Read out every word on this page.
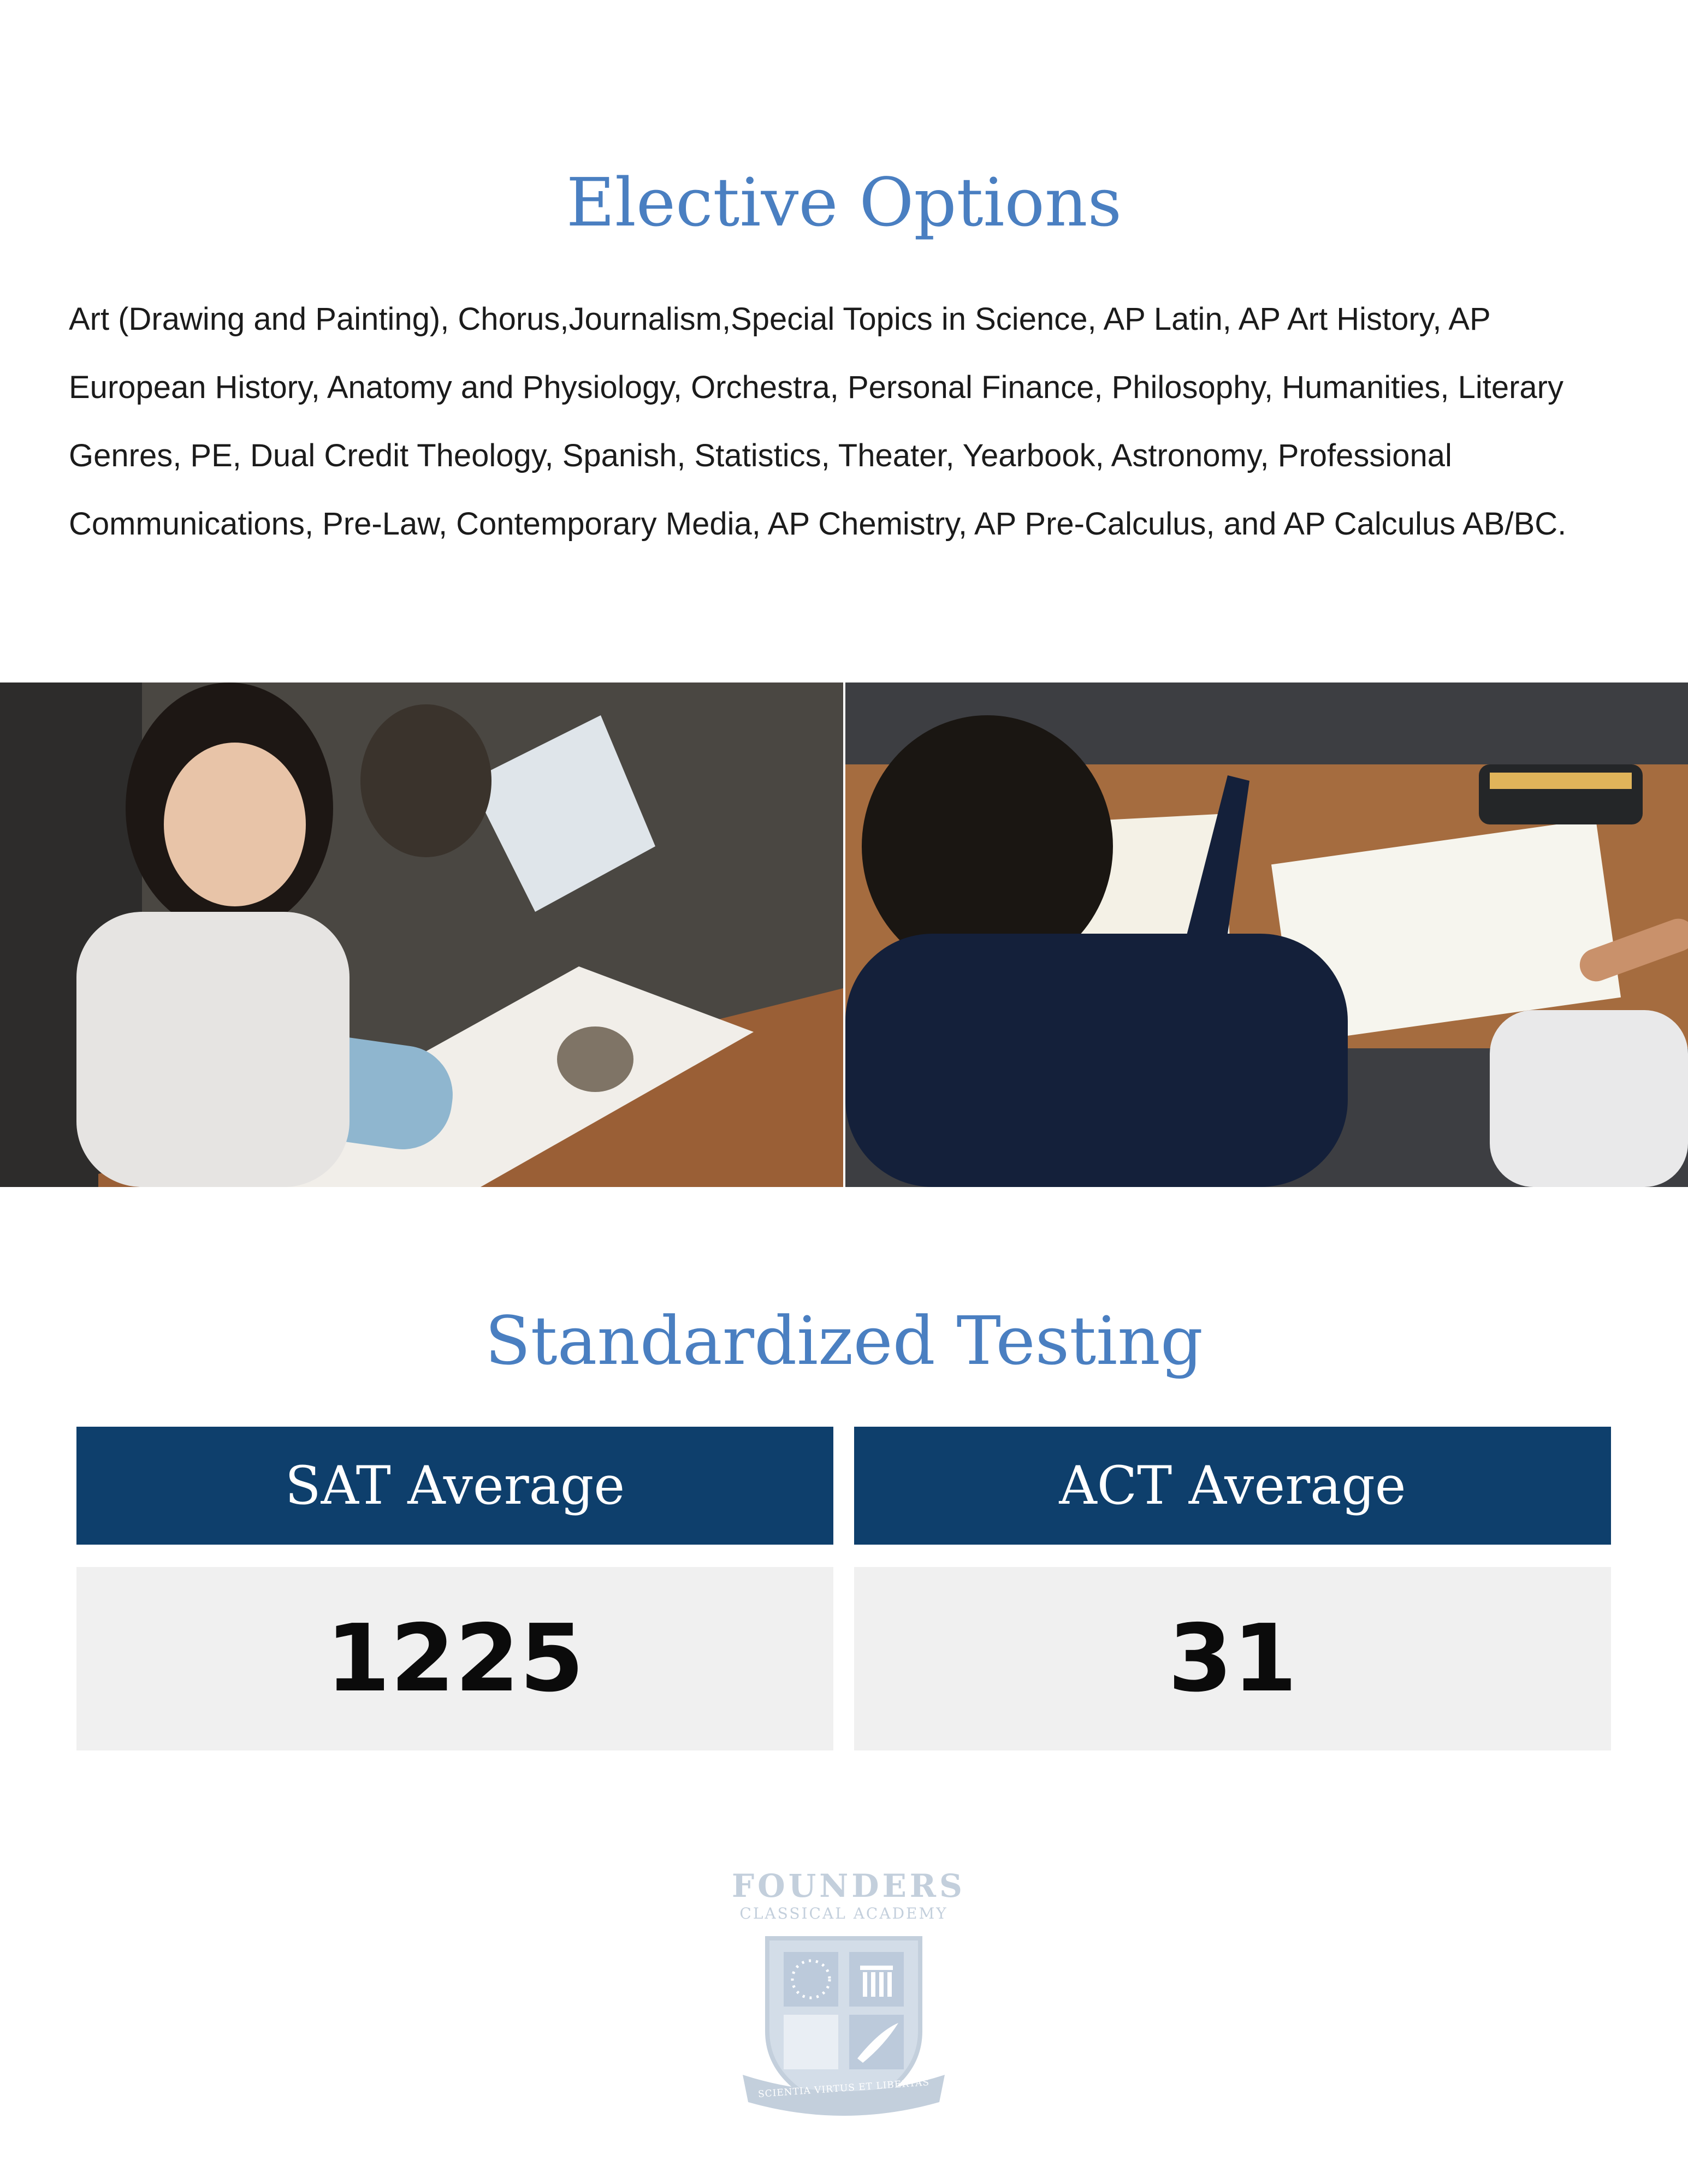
Elective Options

Art (Drawing and Painting), Chorus,Journalism,Special Topics in Science, AP Latin, AP Art History, AP European History, Anatomy and Physiology, Orchestra, Personal Finance, Philosophy, Humanities, Literary Genres, PE, Dual Credit Theology, Spanish, Statistics, Theater, Yearbook, Astronomy, Professional Communications, Pre-Law, Contemporary Media, AP Chemistry, AP Pre-Calculus, and AP Calculus AB/BC.

Standardized Testing
SAT Average
1225
ACT Average
31
FOUNDERS
CLASSICAL ACADEMY
SCIENTIA VIRTUS ET LIBERTAS
